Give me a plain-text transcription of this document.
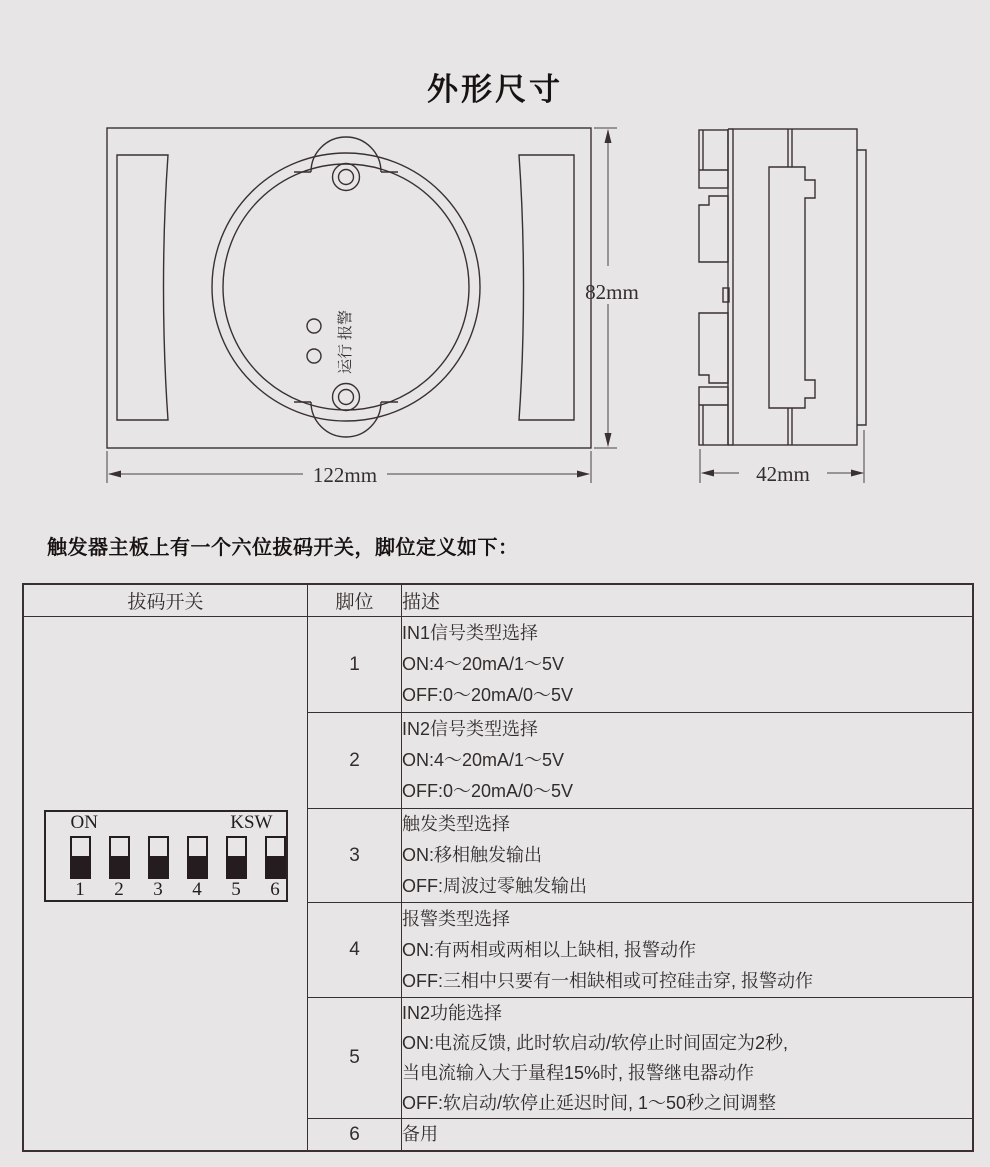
外形尺寸
报警
运行
82mm
122mm	42mm
触发器主板上有一个六位拔码开关，脚位定义如下：
拔码开关	脚位	描述

ON	KSW
1	2	3	4	5	6
	1	
IN1信号类型选择
ON:4～20mA/1～5V
OFF:0～20mA/0～5V

	2	IN2信号类型选择
ON:4～20mA/1～5V
OFF:0～20mA/0～5V

	3	触发类型选择
ON:移相触发输出
OFF:周波过零触发输出

	4	报警类型选择
ON:有两相或两相以上缺相, 报警动作
OFF:三相中只要有一相缺相或可控硅击穿, 报警动作

	5	IN2功能选择
ON:电流反馈, 此时软启动/软停止时间固定为2秒,
当电流输入大于量程15%时, 报警继电器动作
OFF:软启动/软停止延迟时间, 1～50秒之间调整

	6	备用
